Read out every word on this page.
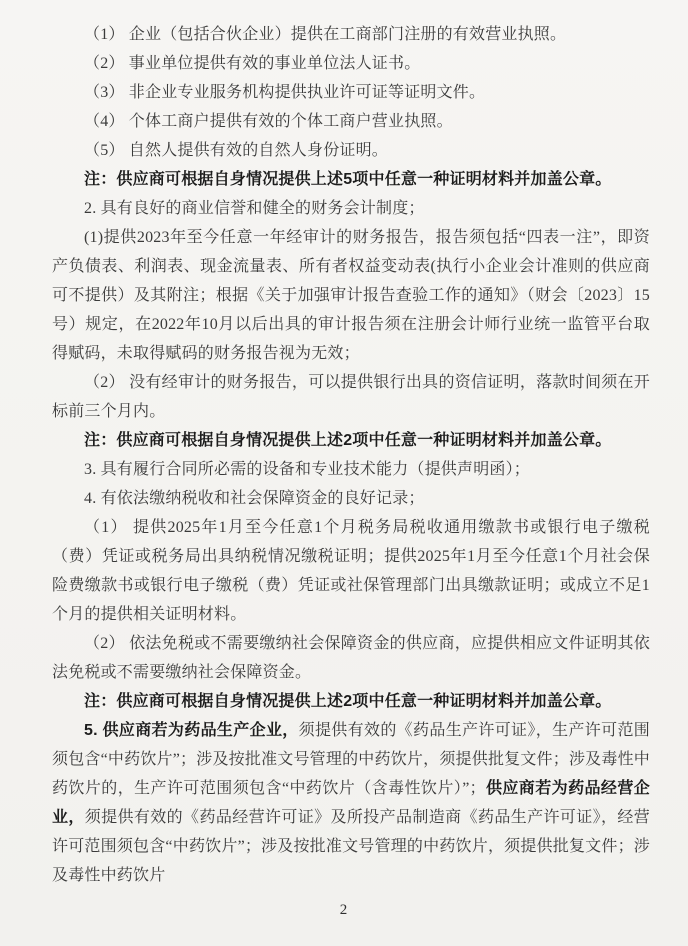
（1） 企业（包括合伙企业）提供在工商部门注册的有效营业执照。

（2） 事业单位提供有效的事业单位法人证书。

（3） 非企业专业服务机构提供执业许可证等证明文件。

（4） 个体工商户提供有效的个体工商户营业执照。

（5） 自然人提供有效的自然人身份证明。

注：供应商可根据自身情况提供上述5项中任意一种证明材料并加盖公章。

2. 具有良好的商业信誉和健全的财务会计制度；

(1)提供2023年至今任意一年经审计的财务报告，报告须包括“四表一注”，即资产负债表、利润表、现金流量表、所有者权益变动表(执行小企业会计准则的供应商可不提供）及其附注；根据《关于加强审计报告查验工作的通知》（财会〔2023〕15号）规定，在2022年10月以后出具的审计报告须在注册会计师行业统一监管平台取得赋码，未取得赋码的财务报告视为无效；

（2） 没有经审计的财务报告，可以提供银行出具的资信证明，落款时间须在开标前三个月内。

注：供应商可根据自身情况提供上述2项中任意一种证明材料并加盖公章。

3. 具有履行合同所必需的设备和专业技术能力（提供声明函）；

4. 有依法缴纳税收和社会保障资金的良好记录；

（1） 提供2025年1月至今任意1个月税务局税收通用缴款书或银行电子缴税（费）凭证或税务局出具纳税情况缴税证明；提供2025年1月至今任意1个月社会保险费缴款书或银行电子缴税（费）凭证或社保管理部门出具缴款证明；或成立不足1个月的提供相关证明材料。

（2） 依法免税或不需要缴纳社会保障资金的供应商，应提供相应文件证明其依法免税或不需要缴纳社会保障资金。

注：供应商可根据自身情况提供上述2项中任意一种证明材料并加盖公章。

5. 供应商若为药品生产企业，须提供有效的《药品生产许可证》，生产许可范围须包含“中药饮片”；涉及按批准文号管理的中药饮片，须提供批复文件；涉及毒性中药饮片的，生产许可范围须包含“中药饮片（含毒性饮片）”；供应商若为药品经营企业，须提供有效的《药品经营许可证》及所投产品制造商《药品生产许可证》，经营许可范围须包含“中药饮片”；涉及按批准文号管理的中药饮片，须提供批复文件；涉及毒性中药饮片

2
